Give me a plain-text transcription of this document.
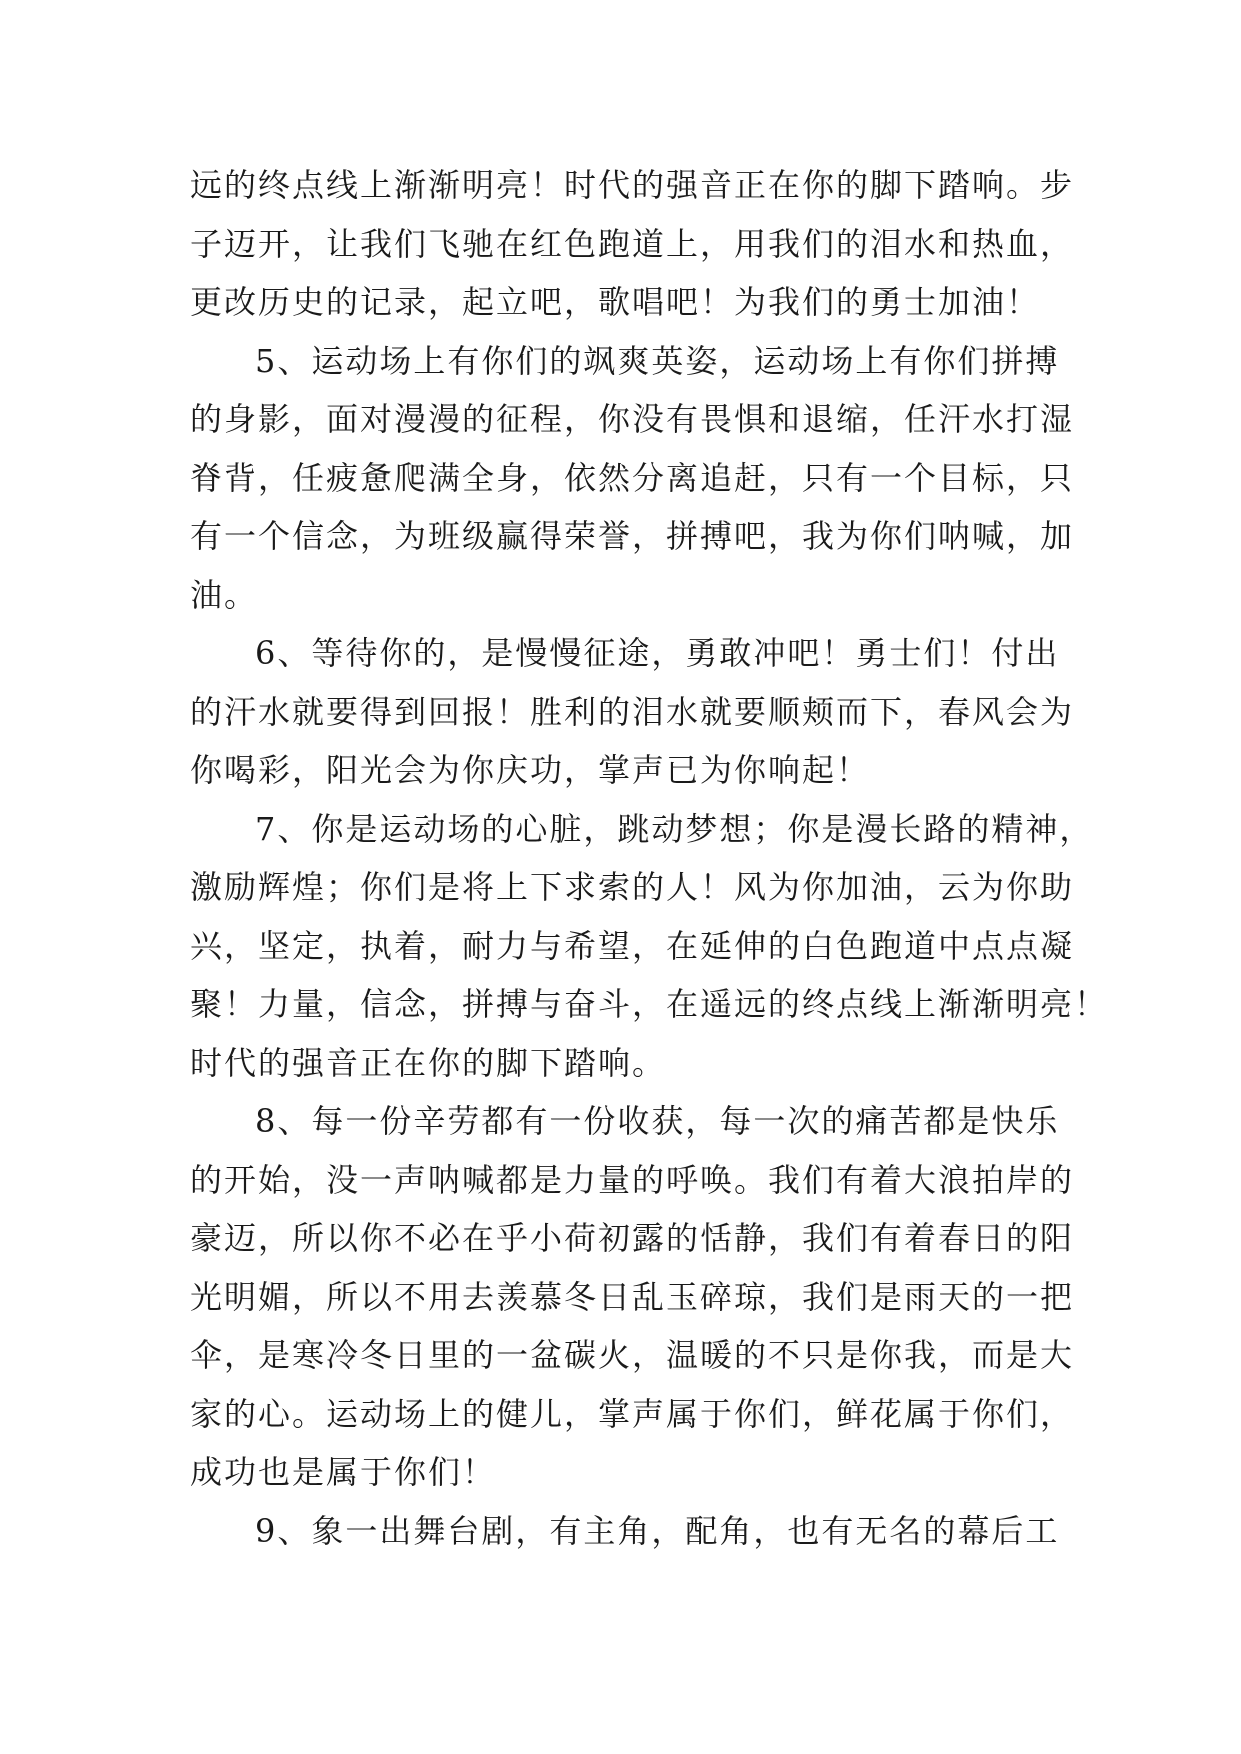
远的终点线上渐渐明亮！时代的强音正在你的脚下踏响。步
子迈开，让我们飞驰在红色跑道上，用我们的泪水和热血，
更改历史的记录，起立吧，歌唱吧！为我们的勇士加油！
5、运动场上有你们的飒爽英姿，运动场上有你们拼搏
的身影，面对漫漫的征程，你没有畏惧和退缩，任汗水打湿
脊背，任疲惫爬满全身，依然分离追赶，只有一个目标，只
有一个信念，为班级赢得荣誉，拼搏吧，我为你们呐喊，加
油。
6、等待你的，是慢慢征途，勇敢冲吧！勇士们！付出
的汗水就要得到回报！胜利的泪水就要顺颊而下，春风会为
你喝彩，阳光会为你庆功，掌声已为你响起！
7、你是运动场的心脏，跳动梦想；你是漫长路的精神，
激励辉煌；你们是将上下求索的人！风为你加油，云为你助
兴，坚定，执着，耐力与希望，在延伸的白色跑道中点点凝
聚！力量，信念，拼搏与奋斗，在遥远的终点线上渐渐明亮！
时代的强音正在你的脚下踏响。
8、每一份辛劳都有一份收获，每一次的痛苦都是快乐
的开始，没一声呐喊都是力量的呼唤。我们有着大浪拍岸的
豪迈，所以你不必在乎小荷初露的恬静，我们有着春日的阳
光明媚，所以不用去羡慕冬日乱玉碎琼，我们是雨天的一把
伞，是寒冷冬日里的一盆碳火，温暖的不只是你我，而是大
家的心。运动场上的健儿，掌声属于你们，鲜花属于你们，
成功也是属于你们！
9、象一出舞台剧，有主角，配角，也有无名的幕后工
